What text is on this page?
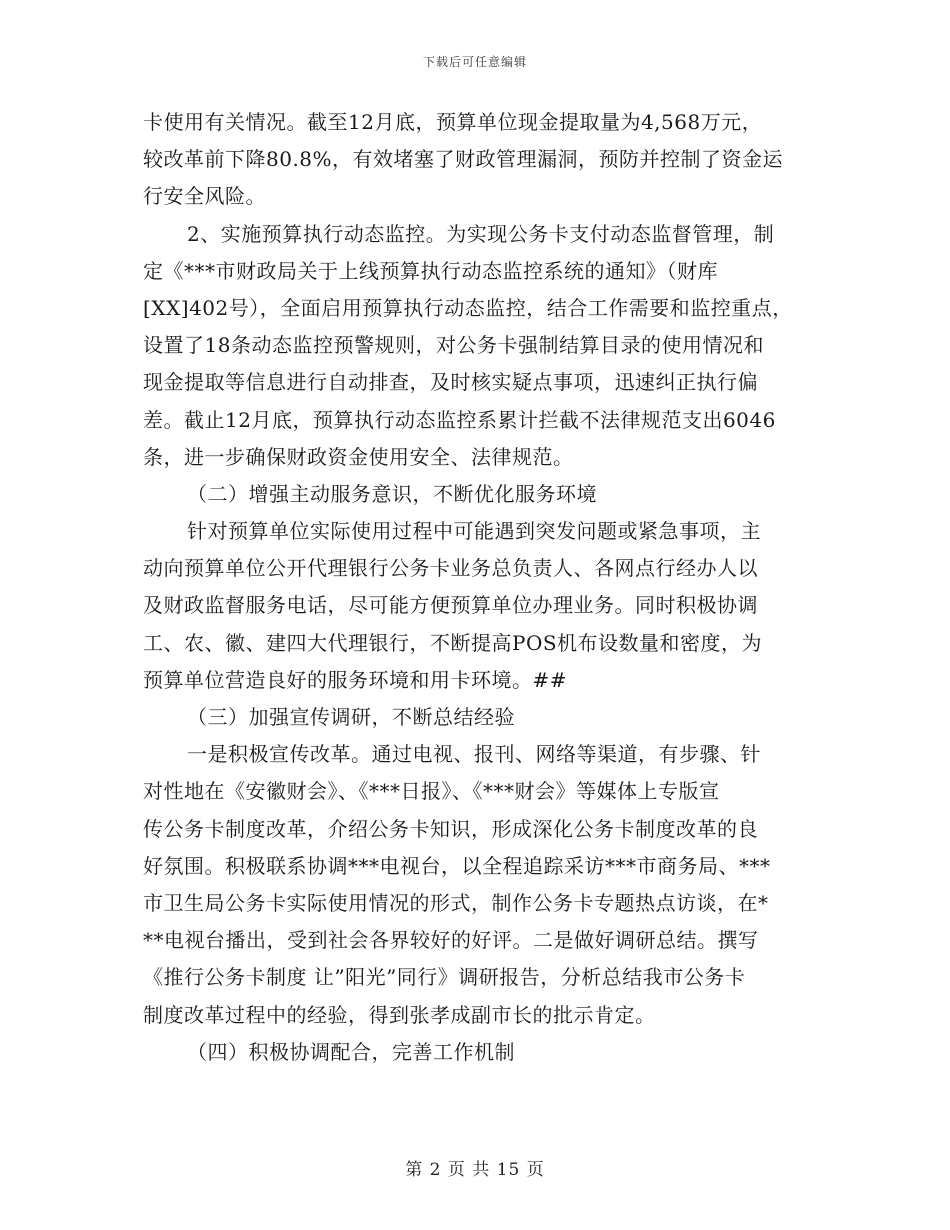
下载后可任意编辑
卡使用有关情况。截至12月底，预算单位现金提取量为4,568万元，
较改革前下降80.8%，有效堵塞了财政管理漏洞，预防并控制了资金运
行安全风险。
2、实施预算执行动态监控。为实现公务卡支付动态监督管理，制
定《***市财政局关于上线预算执行动态监控系统的通知》（财库
[XX]402号），全面启用预算执行动态监控，结合工作需要和监控重点，
设置了18条动态监控预警规则，对公务卡强制结算目录的使用情况和
现金提取等信息进行自动排查，及时核实疑点事项，迅速纠正执行偏
差。截止12月底，预算执行动态监控系累计拦截不法律规范支出6046
条，进一步确保财政资金使用安全、法律规范。
（二）增强主动服务意识，不断优化服务环境
针对预算单位实际使用过程中可能遇到突发问题或紧急事项，主
动向预算单位公开代理银行公务卡业务总负责人、各网点行经办人以
及财政监督服务电话，尽可能方便预算单位办理业务。同时积极协调
工、农、徽、建四大代理银行，不断提高POS机布设数量和密度，为
预算单位营造良好的服务环境和用卡环境。##
（三）加强宣传调研，不断总结经验
一是积极宣传改革。通过电视、报刊、网络等渠道，有步骤、针
对性地在《安徽财会》、《***日报》、《***财会》等媒体上专版宣
传公务卡制度改革，介绍公务卡知识，形成深化公务卡制度改革的良
好氛围。积极联系协调***电视台，以全程追踪采访***市商务局、***
市卫生局公务卡实际使用情况的形式，制作公务卡专题热点访谈，在*
**电视台播出，受到社会各界较好的好评。二是做好调研总结。撰写
《推行公务卡制度 让”阳光”同行》调研报告，分析总结我市公务卡
制度改革过程中的经验，得到张孝成副市长的批示肯定。
（四）积极协调配合，完善工作机制
第 2 页 共 15 页
